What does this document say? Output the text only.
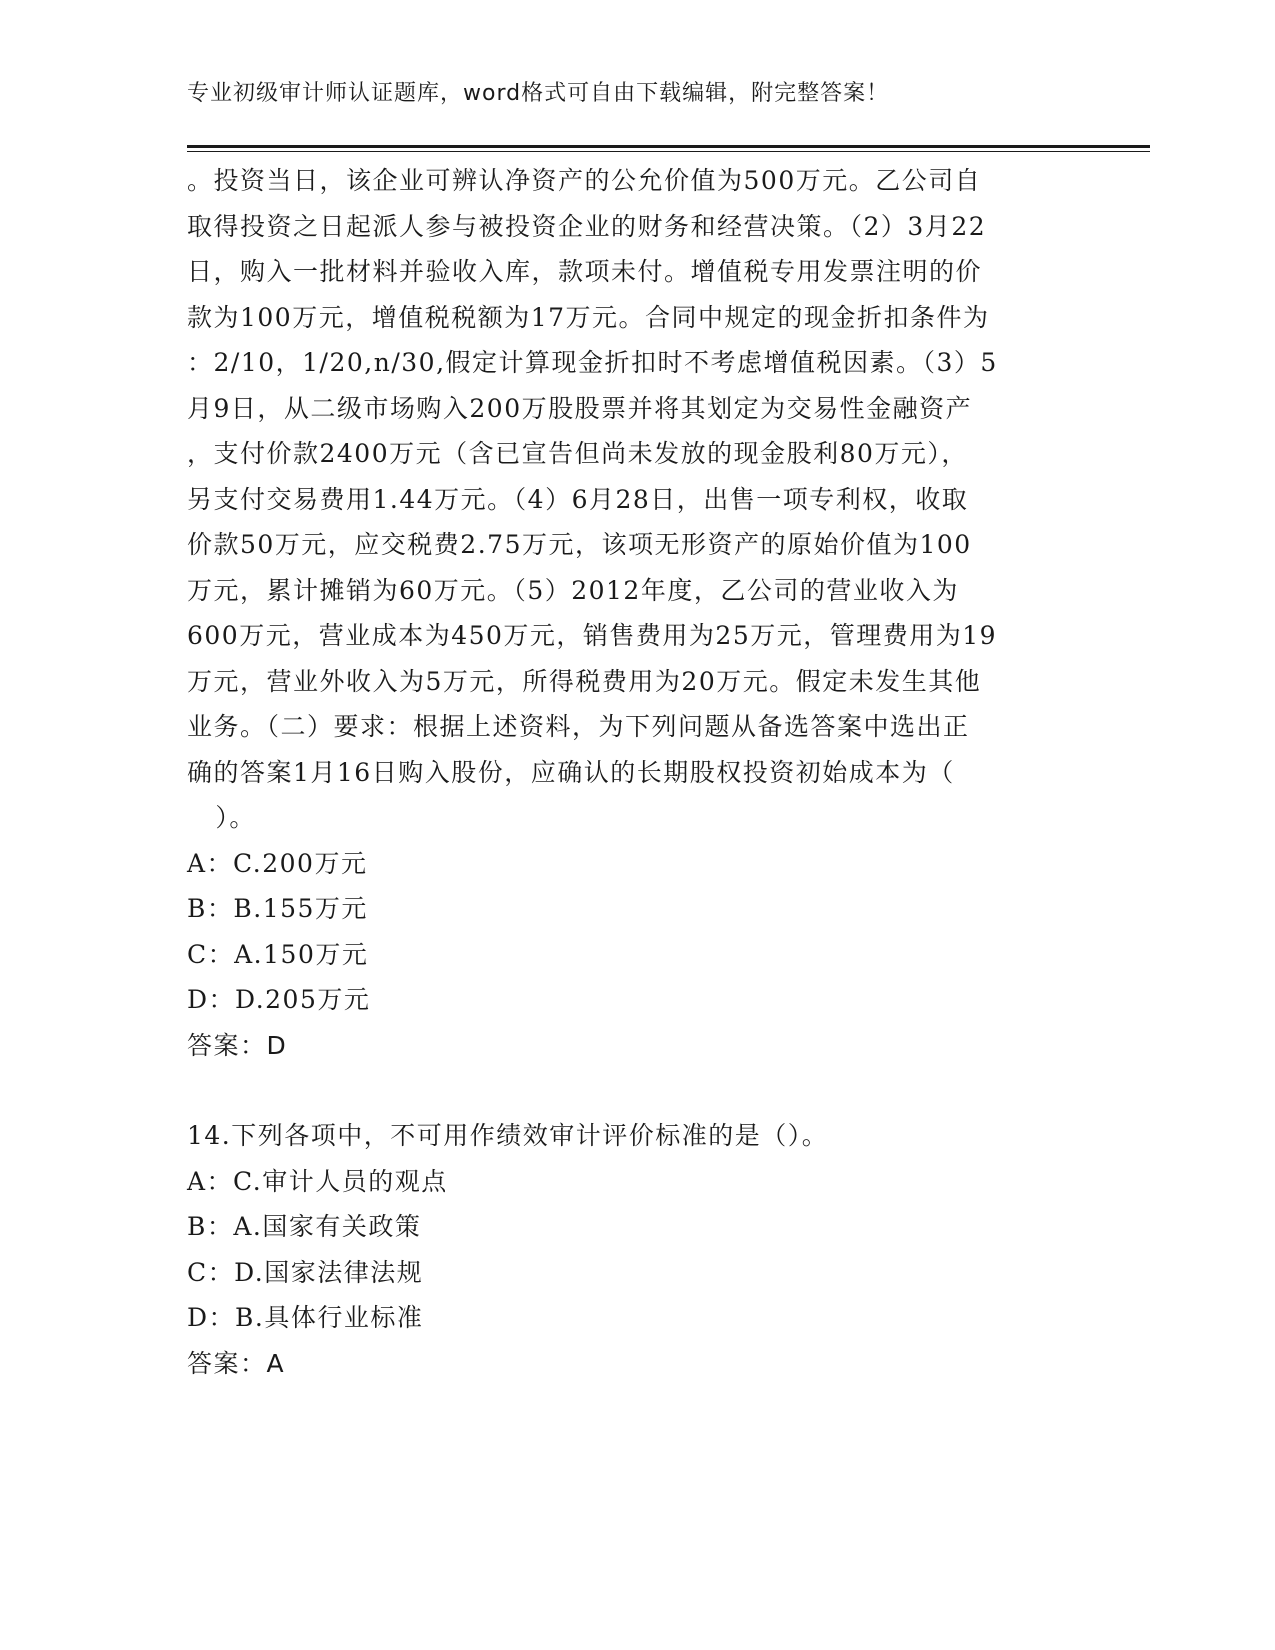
专业初级审计师认证题库，word格式可自由下载编辑，附完整答案！
。投资当日，该企业可辨认净资产的公允价值为500万元。乙公司自
取得投资之日起派人参与被投资企业的财务和经营决策。（2）3月22
日，购入一批材料并验收入库，款项未付。增值税专用发票注明的价
款为100万元，增值税税额为17万元。合同中规定的现金折扣条件为
：2/10，1/20,n/30,假定计算现金折扣时不考虑增值税因素。（3）5
月9日，从二级市场购入200万股股票并将其划定为交易性金融资产
，支付价款2400万元（含已宣告但尚未发放的现金股利80万元），
另支付交易费用1.44万元。（4）6月28日，出售一项专利权，收取
价款50万元，应交税费2.75万元，该项无形资产的原始价值为100
万元，累计摊销为60万元。（5）2012年度，乙公司的营业收入为
600万元，营业成本为450万元，销售费用为25万元，管理费用为19
万元，营业外收入为5万元，所得税费用为20万元。假定未发生其他
业务。（二）要求：根据上述资料，为下列问题从备选答案中选出正
确的答案1月16日购入股份，应确认的长期股权投资初始成本为（
）。
A：C.200万元
B：B.155万元
C：A.150万元
D：D.205万元
答案：D
14.下列各项中，不可用作绩效审计评价标准的是（）。
A：C.审计人员的观点
B：A.国家有关政策
C：D.国家法律法规
D：B.具体行业标准
答案：A
